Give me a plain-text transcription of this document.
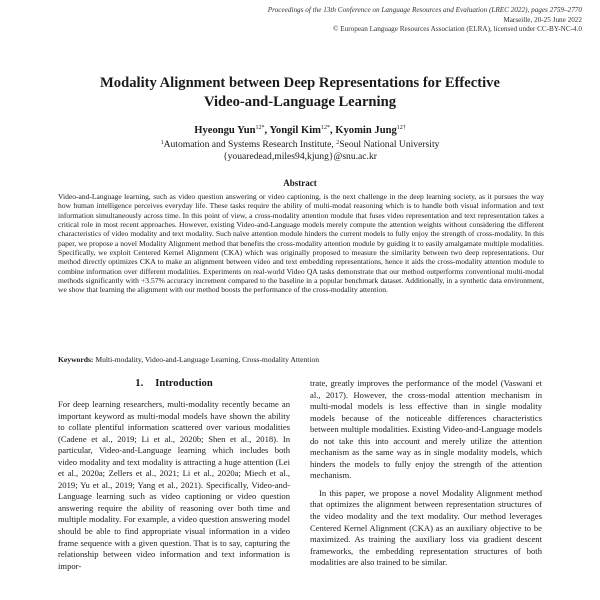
Proceedings of the 13th Conference on Language Resources and Evaluation (LREC 2022), pages 2759–2770
Marseille, 20-25 June 2022
© European Language Resources Association (ELRA), licensed under CC-BY-NC-4.0
Modality Alignment between Deep Representations for Effective
Video-and-Language Learning
Hyeongu Yun$^{12*}$, Yongil Kim$^{12*}$, Kyomin Jung$^{12\dagger}$
$^1$Automation and Systems Research Institute, $^2$Seoul National University
{youaredead,miles94,kjung}@snu.ac.kr
Abstract
Video-and-Language learning, such as video question answering or video captioning, is the next challenge in the deep learning society, as it pursues the way how human intelligence perceives everyday life. These tasks require the ability of multi-modal reasoning which is to handle both visual information and text information simultaneously across time. In this point of view, a cross-modality attention module that fuses video representation and text representation takes a critical role in most recent approaches. However, existing Video-and-Language models merely compute the attention weights without considering the different characteristics of video modality and text modality. Such naïve attention module hinders the current models to fully enjoy the strength of cross-modality. In this paper, we propose a novel Modality Alignment method that benefits the cross-modality attention module by guiding it to easily amalgamate multiple modalities. Specifically, we exploit Centered Kernel Alignment (CKA) which was originally proposed to measure the similarity between two deep representations. Our method directly optimizes CKA to make an alignment between video and text embedding representations, hence it aids the cross-modality attention module to combine information over different modalities. Experiments on real-world Video QA tasks demonstrate that our method outperforms conventional multi-modal methods significantly with +3.57% accuracy increment compared to the baseline in a popular benchmark dataset. Additionally, in a synthetic data environment, we show that learning the alignment with our method boosts the performance of the cross-modality attention.
Keywords: Multi-modality, Video-and-Language Learning, Cross-modality Attention
1. Introduction

For deep learning researchers, multi-modality recently became an important keyword as multi-modal models have shown the ability to collate plentiful information scattered over various modalities (Cadene et al., 2019; Li et al., 2020b; Shen et al., 2018). In particular, Video-and-Language learning which includes both video modality and text modality is attracting a huge attention (Lei et al., 2020a; Zellers et al., 2021; Li et al., 2020a; Miech et al., 2019; Yu et al., 2019; Yang et al., 2021). Specifically, Video-and-Language learning such as video captioning or video question answering require the ability of reasoning over both time and multiple modality. For example, a video question answering model should be able to find appropriate visual information in a video frame sequence with a given question. That is to say, capturing the relationship between video information and text information is impor-

trate, greatly improves the performance of the model (Vaswani et al., 2017). However, the cross-modal attention mechanism in multi-modal models is less effective than in single modality models because of the noticeable differences characteristics between multiple modalities. Existing Video-and-Language models do not take this into account and merely utilize the attention mechanism as the same way as in single modality models, which hinders the models to fully enjoy the strength of the attention mechanism.

In this paper, we propose a novel Modality Alignment method that optimizes the alignment between representation structures of the video modality and the text modality. Our method leverages Centered Kernel Alignment (CKA) as an auxiliary objective to be maximized. As training the auxiliary loss via gradient descent frameworks, the embedding representation structures of both modalities are also trained to be similar.
